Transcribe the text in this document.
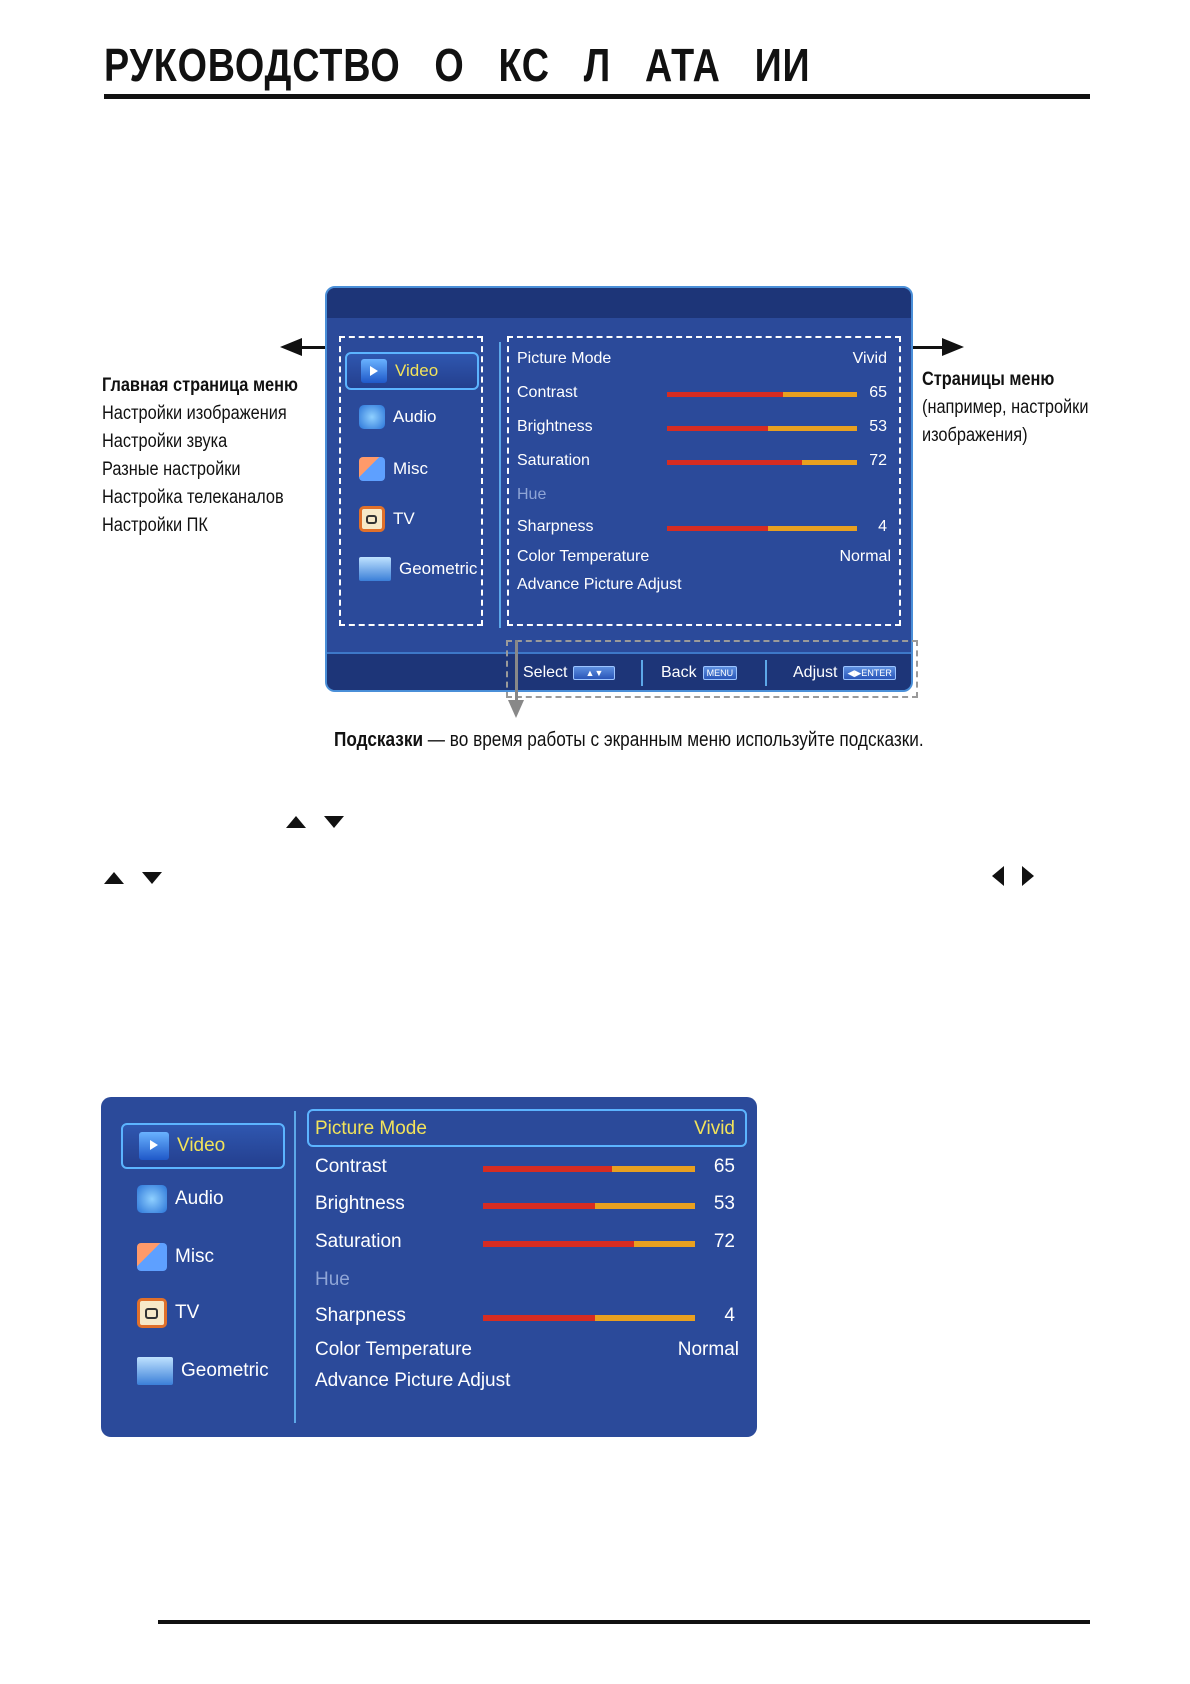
РУКОВОДСТВО   О   КС   Л   АТА   ИИ
Главная страница меню
Настройки изображения
Настройки звука
Разные настройки
Настройка телеканалов
Настройки ПК
Страницы меню
(например, настройки
изображения)
Video
Audio
Misc
TV
Geometric
Picture Mode	Vivid
Contrast	65
Brightness	53
Saturation	72
Hue
Sharpness	4
Color Temperature	Normal
Advance Picture Adjust
Select	▲▼	Back	MENU	Adjust	◀▶ENTER
Подсказки — во время работы с экранным меню используйте подсказки.
Video
Audio
Misc
TV
Geometric
Picture Mode	Vivid
Contrast	65
Brightness	53
Saturation	72
Hue
Sharpness	4
Color Temperature	Normal
Advance Picture Adjust
